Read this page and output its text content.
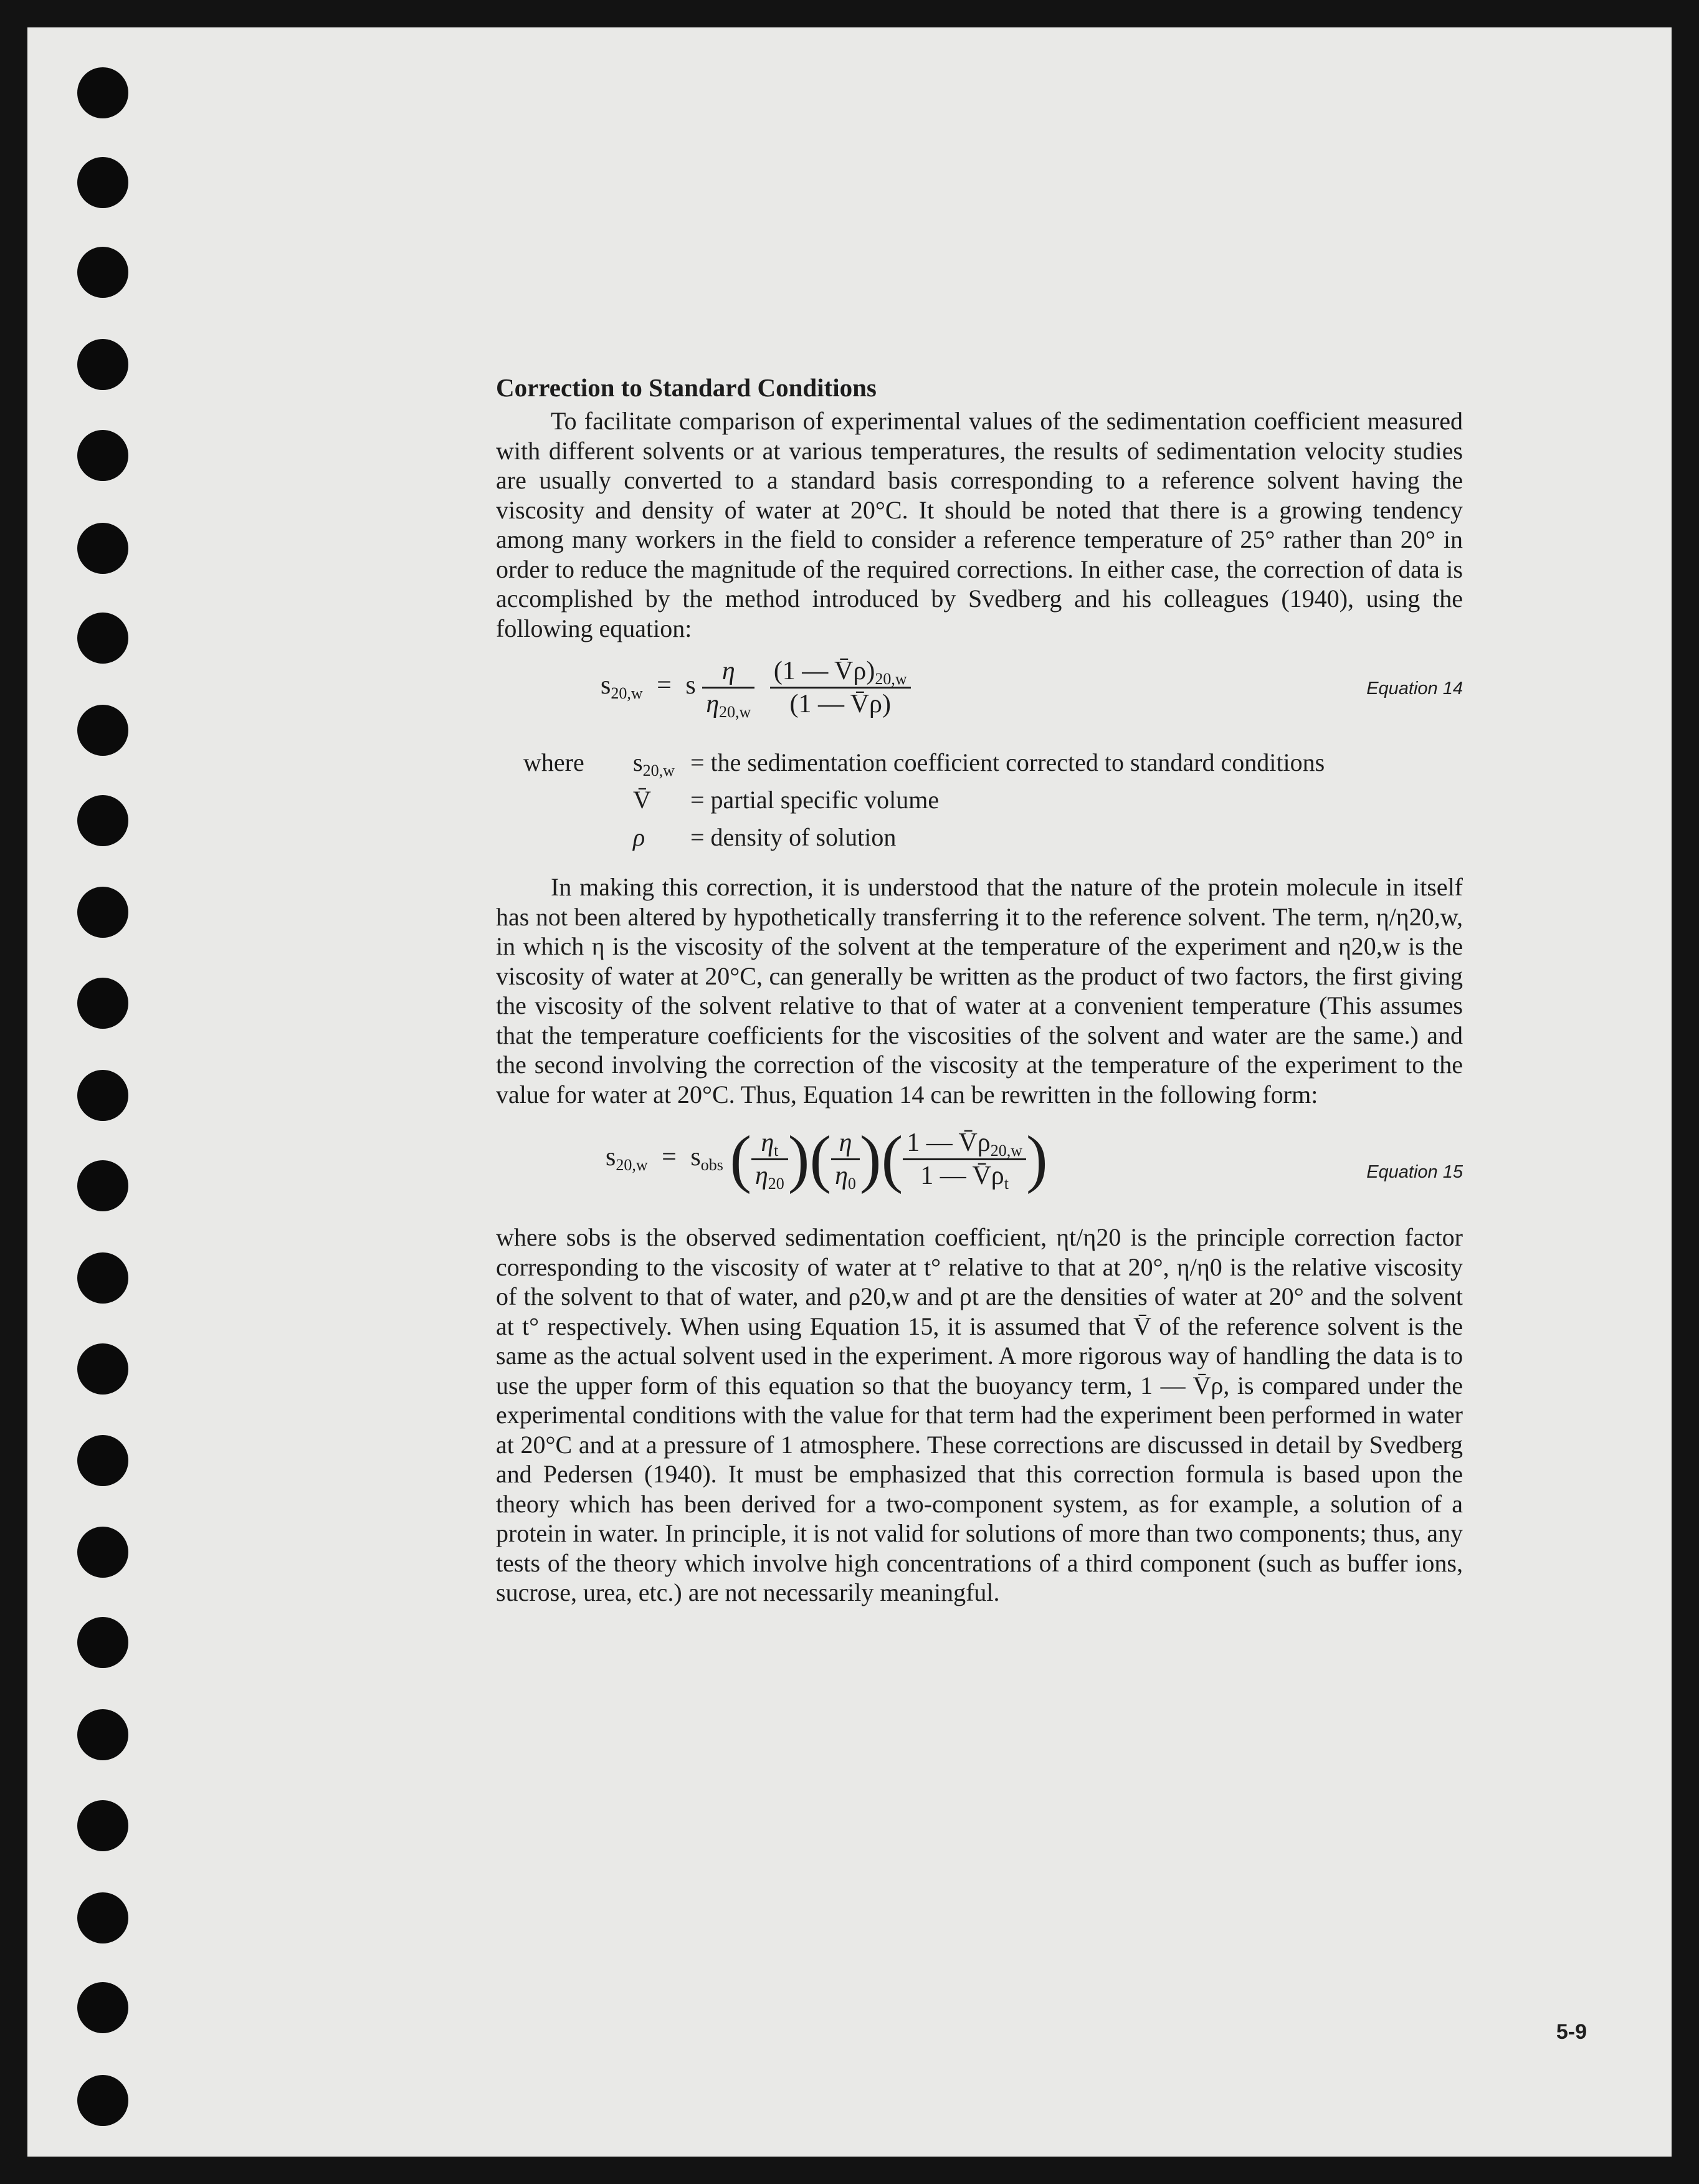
Correction to Standard Conditions

To facilitate comparison of experimental values of the sedimentation coefficient measured with different solvents or at various temperatures, the results of sedimentation velocity studies are usually converted to a standard basis corresponding to a reference solvent having the viscosity and density of water at 20°C. It should be noted that there is a growing tendency among many workers in the field to consider a reference temperature of 25° rather than 20° in order to reduce the magnitude of the required corrections. In either case, the correction of data is accomplished by the method introduced by Svedberg and his colleagues (1940), using the following equation:

$s_{20,w} = s \frac{\eta}{\eta_{20,w}}$
$\frac{(1 — V̄\rho)_{20,w}}{(1 — V̄\rho)}$	Equation 14
where $s_{20,w}$ = the sedimentation coefficient corrected to standard conditions
V̄ = partial specific volume
ρ = density of solution

In making this correction, it is understood that the nature of the protein molecule in itself has not been altered by hypothetically transferring it to the reference solvent. The term, η/η20,w, in which η is the viscosity of the solvent at the temperature of the experiment and η20,w is the viscosity of water at 20°C, can generally be written as the product of two factors, the first giving the viscosity of the solvent relative to that of water at a convenient temperature (This assumes that the temperature coefficients for the viscosities of the solvent and water are the same.) and the second involving the correction of the viscosity at the temperature of the experiment to the value for water at 20°C. Thus, Equation 14 can be rewritten in the following form:

$s_{20,w} = s_{obs}$ ( $\frac{\eta_t}{\eta_{20}}$ )( $\frac{\eta}{\eta_0}$ )( $\frac{1 — V̄\rho_{20,w}}{1 — V̄\rho_t}$ )	Equation 15

where sobs is the observed sedimentation coefficient, ηt/η20 is the principle correction factor corresponding to the viscosity of water at t° relative to that at 20°, η/η0 is the relative viscosity of the solvent to that of water, and ρ20,w and ρt are the densities of water at 20° and the solvent at t° respectively. When using Equation 15, it is assumed that V̄ of the reference solvent is the same as the actual solvent used in the experiment. A more rigorous way of handling the data is to use the upper form of this equation so that the buoyancy term, 1 — V̄ρ, is compared under the experimental conditions with the value for that term had the experiment been performed in water at 20°C and at a pressure of 1 atmosphere. These corrections are discussed in detail by Svedberg and Pedersen (1940). It must be emphasized that this correction formula is based upon the theory which has been derived for a two-component system, as for example, a solution of a protein in water. In principle, it is not valid for solutions of more than two components; thus, any tests of the theory which involve high concentrations of a third component (such as buffer ions, sucrose, urea, etc.) are not necessarily meaningful.

5-9
